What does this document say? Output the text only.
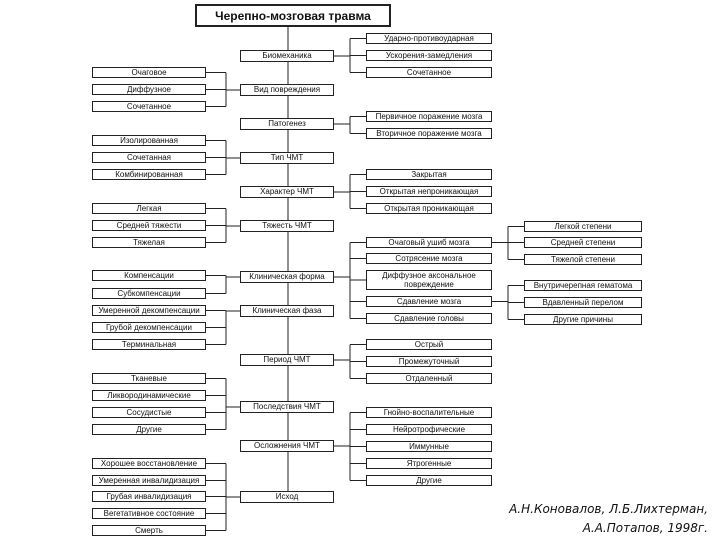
Черепно-мозговая травма
Биомеханика
Вид повреждения
Патогенез
Тип ЧМТ
Характер ЧМТ
Тяжесть ЧМТ
Клиническая форма
Клиническая фаза
Период ЧМТ
Последствия ЧМТ
Осложнения ЧМТ
Исход
Очаговое
Диффузное
Сочетанное
Изолированная
Сочетанная
Комбинированная
Легкая
Средней тяжести
Тяжелая
Компенсации
Субкомпенсации
Умеренной декомпенсации
Грубой декомпенсации
Терминальная
Тканевые
Ликвородинамические
Сосудистые
Другие
Хорошее восстановление
Умеренная инвалидизация
Грубая инвалидизация
Вегетативное состояние
Смерть
Ударно-противоударная
Ускорения-замедления
Сочетанное
Первичное поражение мозга
Вторичное поражение мозга
Закрытая
Открытая непроникающая
Открытая проникающая
Очаговый ушиб мозга
Сотрясение мозга
Диффузное аксональное повреждение
Сдавление мозга
Сдавление головы
Острый
Промежуточный
Отдаленный
Гнойно-воспалительные
Нейротрофические
Иммунные
Ятрогенные
Другие
Легкой степени
Средней степени
Тяжелой степени
Внутричерепная гематома
Вдавленный перелом
Другие причины
А.Н.Коновалов, Л.Б.Лихтерман,
А.А.Потапов, 1998г.
